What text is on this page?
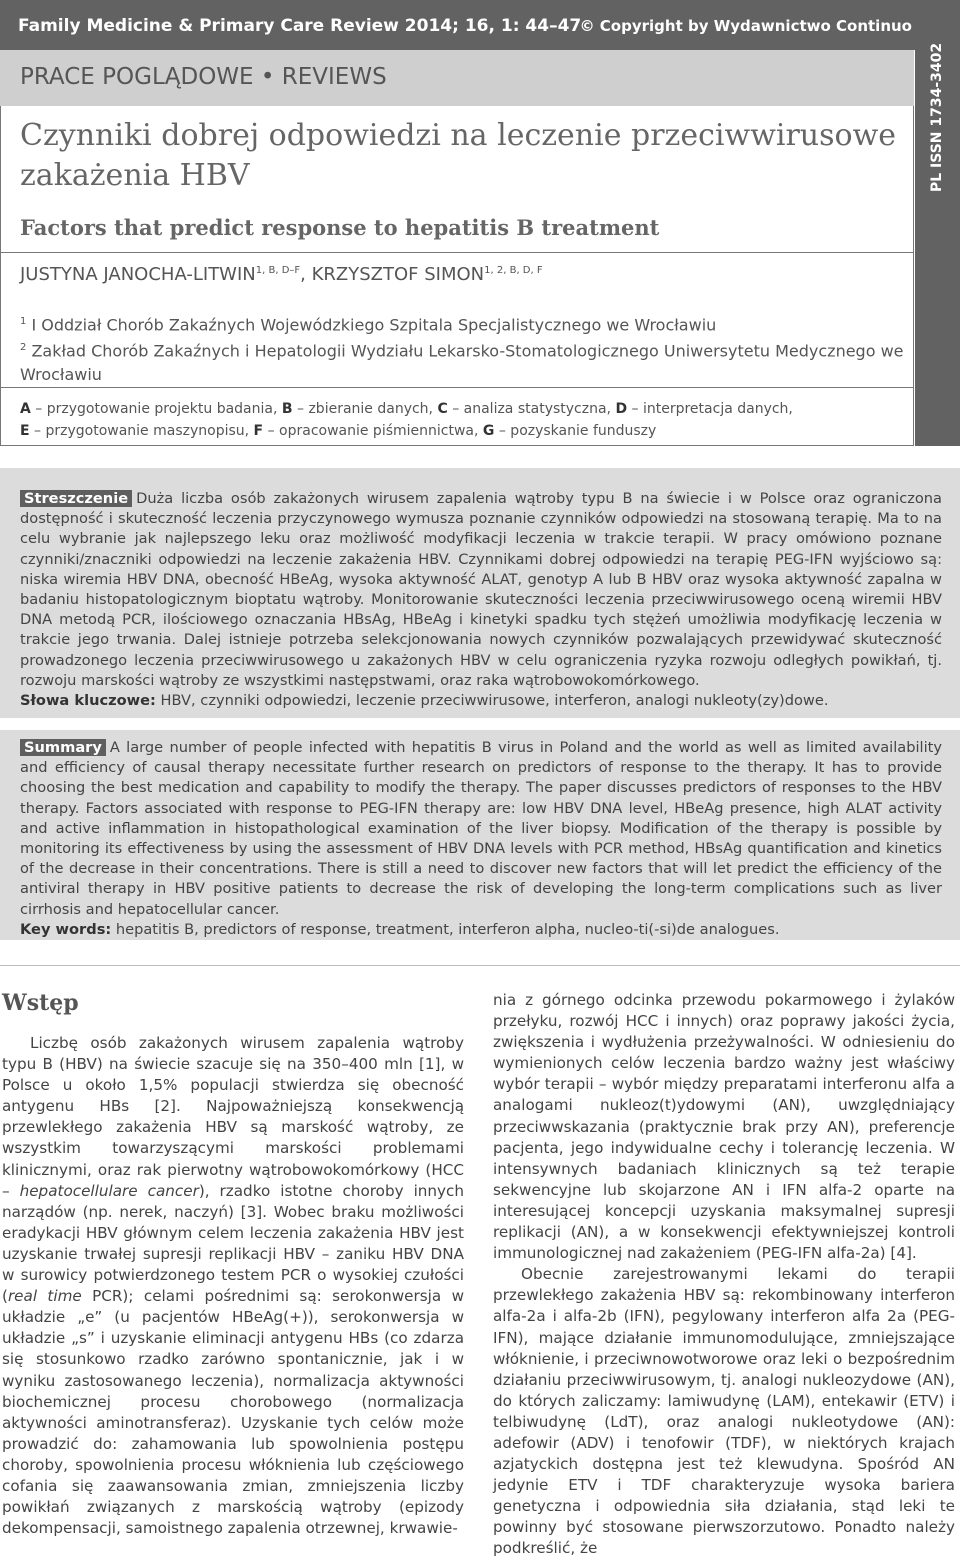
Family Medicine & Primary Care Review 2014; 16, 1: 44–47
© Copyright by Wydawnictwo Continuo
PL ISSN 1734-3402
PRACE POGLĄDOWE • REVIEWS
Czynniki dobrej odpowiedzi na leczenie przeciwwirusowe zakażenia HBV
Factors that predict response to hepatitis B treatment
JUSTYNA JANOCHA-$LITWIN^{1, B, D-F}$, KRZYSZTOF $SIMON^{1, 2, B, D, F}$
$^1$ I Oddział Chorób Zakaźnych Wojewódzkiego Szpitala Specjalistycznego we Wrocławiu
$^2$ Zakład Chorób Zakaźnych i Hepatologii Wydziału Lekarsko-Stomatologicznego Uniwersytetu Medycznego we Wrocławiu
A – przygotowanie projektu badania, B – zbieranie danych, C – analiza statystyczna, D – interpretacja danych,
E – przygotowanie maszynopisu, F – opracowanie piśmiennictwa, G – pozyskanie funduszy
Streszczenie Duża liczba osób zakażonych wirusem zapalenia wątroby typu B na świecie i w Polsce oraz ograniczona dostępność i skuteczność leczenia przyczynowego wymusza poznanie czynników odpowiedzi na stosowaną terapię. Ma to na celu wybranie jak najlepszego leku oraz możliwość modyfikacji leczenia w trakcie terapii. W pracy omówiono poznane czynniki/znaczniki odpowiedzi na leczenie zakażenia HBV. Czynnikami dobrej odpowiedzi na terapię PEG-IFN wyjściowo są: niska wiremia HBV DNA, obecność HBeAg, wysoka aktywność ALAT, genotyp A lub B HBV oraz wysoka aktywność zapalna w badaniu histopatologicznym bioptatu wątroby. Monitorowanie skuteczności leczenia przeciwwirusowego oceną wiremii HBV DNA metodą PCR, ilościowego oznaczania HBsAg, HBeAg i kinetyki spadku tych stężeń umożliwia modyfikację leczenia w trakcie jego trwania. Dalej istnieje potrzeba selekcjonowania nowych czynników pozwalających przewidywać skuteczność prowadzonego leczenia przeciwwirusowego u zakażonych HBV w celu ograniczenia ryzyka rozwoju odległych powikłań, tj. rozwoju marskości wątroby ze wszystkimi następstwami, oraz raka wątrobowokomórkowego.
Słowa kluczowe: HBV, czynniki odpowiedzi, leczenie przeciwwirusowe, interferon, analogi nukleoty(zy)dowe.
Summary A large number of people infected with hepatitis B virus in Poland and the world as well as limited availability and efficiency of causal therapy necessitate further research on predictors of response to the therapy. It has to provide choosing the best medication and capability to modify the therapy. The paper discusses predictors of responses to the HBV therapy. Factors associated with response to PEG-IFN therapy are: low HBV DNA level, HBeAg presence, high ALAT activity and active inflammation in histopathological examination of the liver biopsy. Modification of the therapy is possible by monitoring its effectiveness by using the assessment of HBV DNA levels with PCR method, HBsAg quantification and kinetics of the decrease in their concentrations. There is still a need to discover new factors that will let predict the efficiency of the antiviral therapy in HBV positive patients to decrease the risk of developing the long-term complications such as liver cirrhosis and hepatocellular cancer.
Key words: hepatitis B, predictors of response, treatment, interferon alpha, nucleo-ti(-si)de analogues.
Wstęp

Liczbę osób zakażonych wirusem zapalenia wątroby typu B (HBV) na świecie szacuje się na 350–400 mln [1], w Polsce u około 1,5% populacji stwierdza się obecność antygenu HBs [2]. Najpoważniejszą konsekwencją przewlekłego zakażenia HBV są marskość wątroby, ze wszystkim towarzyszącymi marskości problemami klinicznymi, oraz rak pierwotny wątrobowokomórkowy (HCC – hepatocellulare cancer), rzadko istotne choroby innych narządów (np. nerek, naczyń) [3]. Wobec braku możliwości eradykacji HBV głównym celem leczenia zakażenia HBV jest uzyskanie trwałej supresji replikacji HBV – zaniku HBV DNA w surowicy potwierdzonego testem PCR o wysokiej czułości (real time PCR); celami pośrednimi są: serokonwersja w układzie „e” (u pacjentów HBeAg(+)), serokonwersja w układzie „s” i uzyskanie eliminacji antygenu HBs (co zdarza się stosunkowo rzadko zarówno spontanicznie, jak i w wyniku zastosowanego leczenia), normalizacja aktywności biochemicznej procesu chorobowego (normalizacja aktywności aminotransferaz). Uzyskanie tych celów może prowadzić do: zahamowania lub spowolnienia postępu choroby, spowolnienia procesu włóknienia lub częściowego cofania się zaawansowania zmian, zmniejszenia liczby powikłań związanych z marskością wątroby (epizody dekompensacji, samoistnego zapalenia otrzewnej, krwawie-

nia z górnego odcinka przewodu pokarmowego i żylaków przełyku, rozwój HCC i innych) oraz poprawy jakości życia, zwiększenia i wydłużenia przeżywalności. W odniesieniu do wymienionych celów leczenia bardzo ważny jest właściwy wybór terapii – wybór między preparatami interferonu alfa a analogami nukleoz(t)ydowymi (AN), uwzględniający przeciwwskazania (praktycznie brak przy AN), preferencje pacjenta, jego indywidualne cechy i tolerancję leczenia. W intensywnych badaniach klinicznych są też terapie sekwencyjne lub skojarzone AN i IFN alfa-2 oparte na interesującej koncepcji uzyskania maksymalnej supresji replikacji (AN), a w konsekwencji efektywniejszej kontroli immunologicznej nad zakażeniem (PEG-IFN alfa-2a) [4].

Obecnie zarejestrowanymi lekami do terapii przewlekłego zakażenia HBV są: rekombinowany interferon alfa-2a i alfa-2b (IFN), pegylowany interferon alfa 2a (PEG-IFN), mające działanie immunomodulujące, zmniejszające włóknienie, i przeciwnowotworowe oraz leki o bezpośrednim działaniu przeciwwirusowym, tj. analogi nukleozydowe (AN), do których zaliczamy: lamiwudynę (LAM), entekawir (ETV) i telbiwudynę (LdT), oraz analogi nukleotydowe (AN): adefowir (ADV) i tenofowir (TDF), w niektórych krajach azjatyckich dostępna jest też klewudyna. Spośród AN jedynie ETV i TDF charakteryzuje wysoka bariera genetyczna i odpowiednia siła działania, stąd leki te powinny być stosowane pierwszorzutowo. Ponadto należy podkreślić, że
